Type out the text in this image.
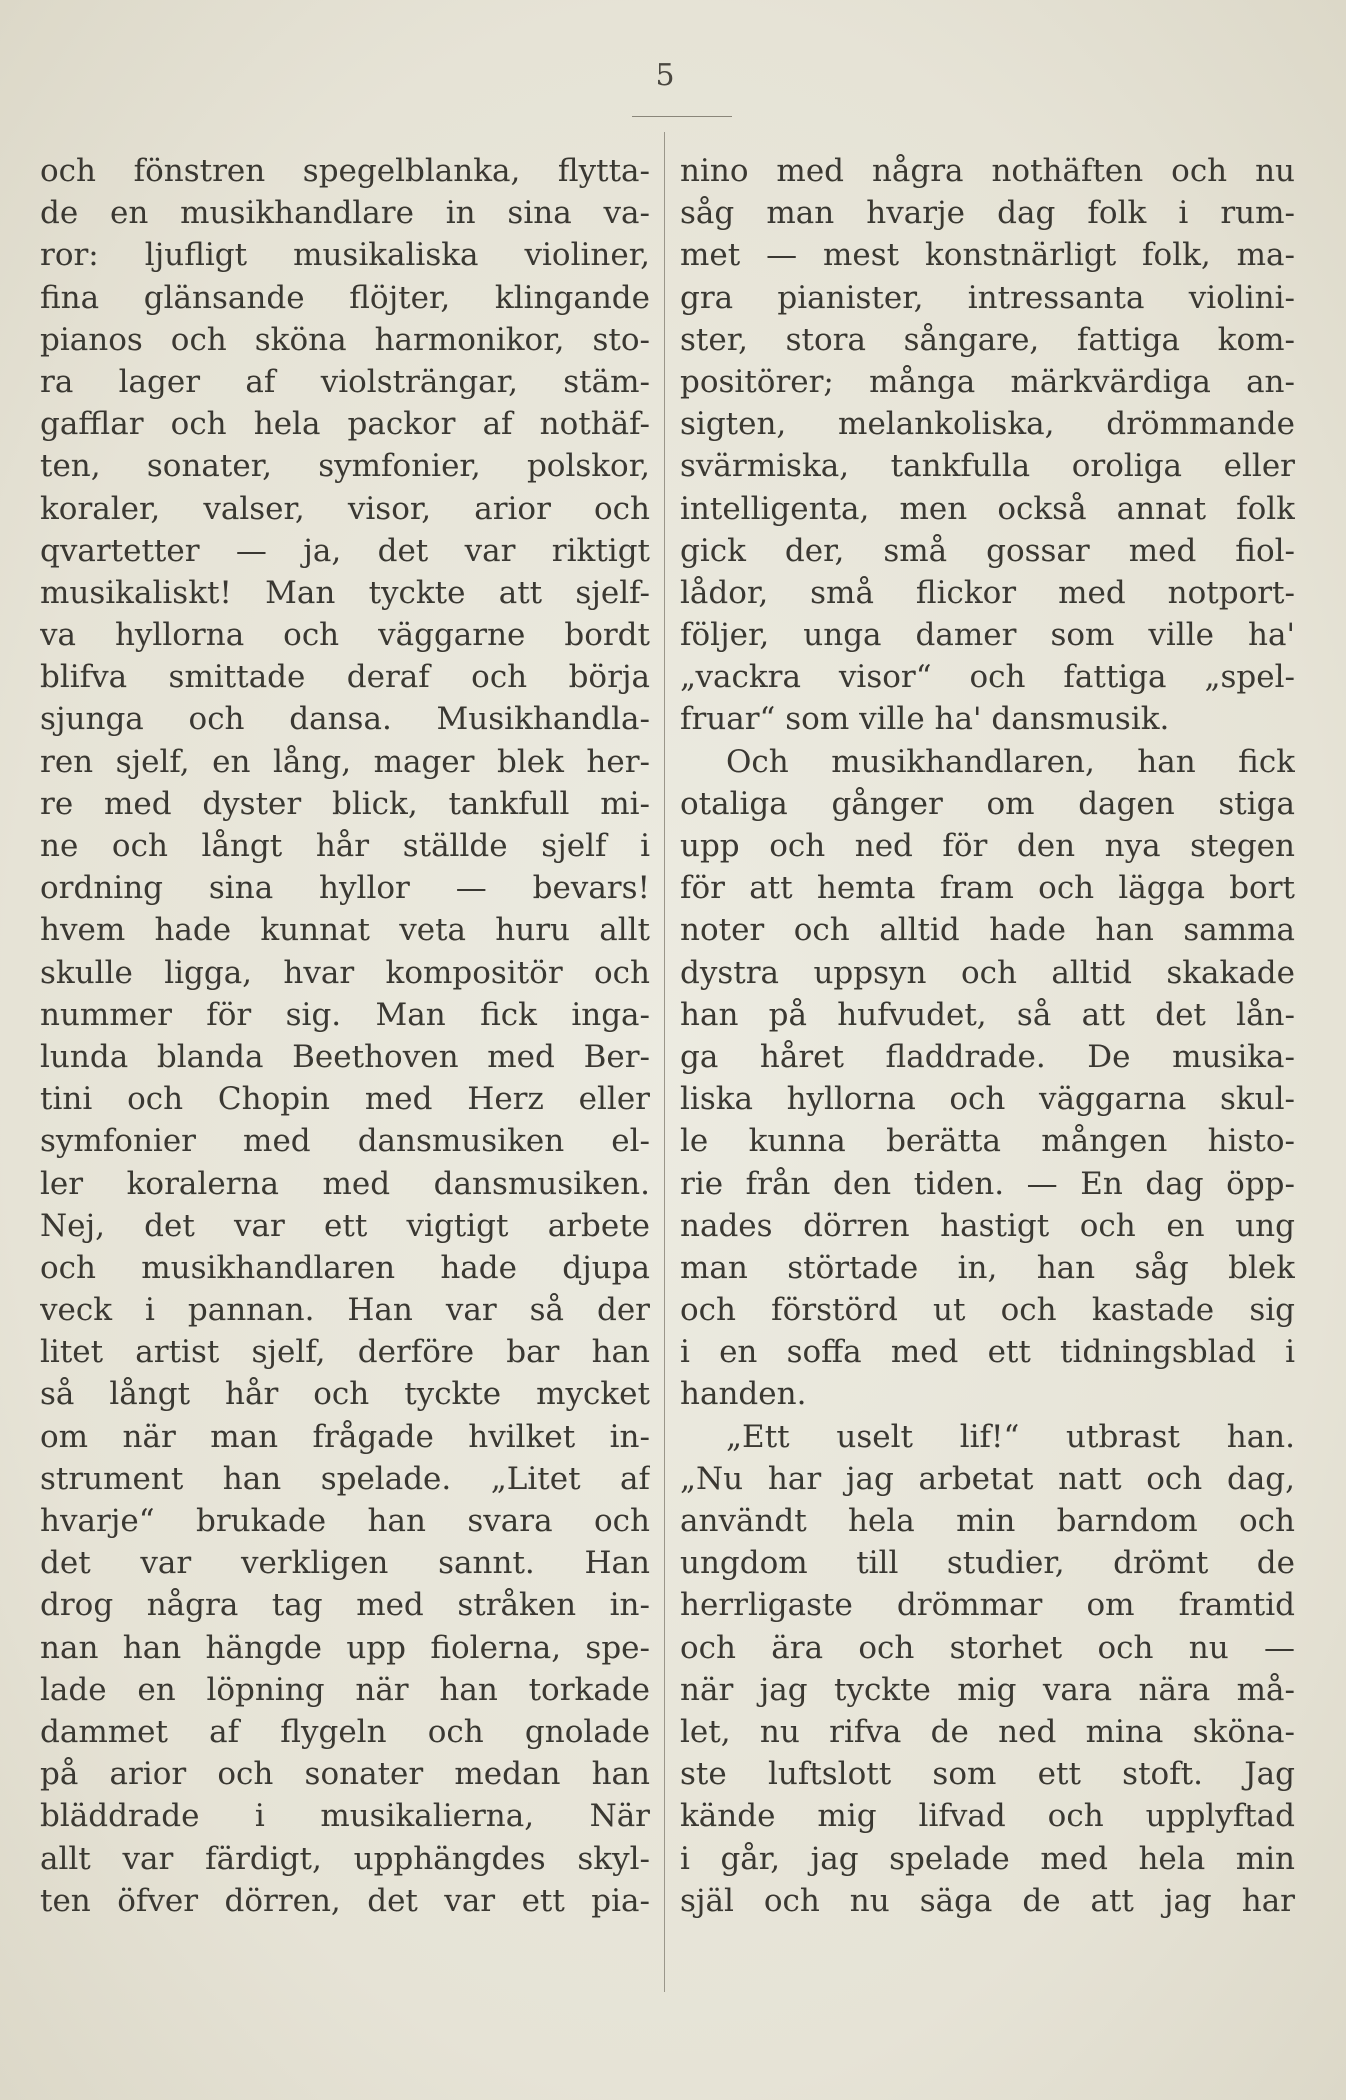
5
och fönstren spegelblanka, flytta-
de en musikhandlare in sina va-
ror: ljufligt musikaliska violiner,
fina glänsande flöjter, klingande
pianos och sköna harmonikor, sto-
ra lager af violsträngar, stäm-
gafflar och hela packor af nothäf-
ten, sonater, symfonier, polskor,
koraler, valser, visor, arior och
qvartetter — ja, det var riktigt
musikaliskt! Man tyckte att sjelf-
va hyllorna och väggarne bordt
blifva smittade deraf och börja
sjunga och dansa. Musikhandla-
ren sjelf, en lång, mager blek her-
re med dyster blick, tankfull mi-
ne och långt hår ställde sjelf i
ordning sina hyllor — bevars!
hvem hade kunnat veta huru allt
skulle ligga, hvar kompositör och
nummer för sig. Man fick inga-
lunda blanda Beethoven med Ber-
tini och Chopin med Herz eller
symfonier med dansmusiken el-
ler koralerna med dansmusiken.
Nej, det var ett vigtigt arbete
och musikhandlaren hade djupa
veck i pannan. Han var så der
litet artist sjelf, derföre bar han
så långt hår och tyckte mycket
om när man frågade hvilket in-
strument han spelade. „Litet af
hvarje“ brukade han svara och
det var verkligen sannt. Han
drog några tag med stråken in-
nan han hängde upp fiolerna, spe-
lade en löpning när han torkade
dammet af flygeln och gnolade
på arior och sonater medan han
bläddrade i musikalierna, När
allt var färdigt, upphängdes skyl-
ten öfver dörren, det var ett pia-
nino med några nothäften och nu
såg man hvarje dag folk i rum-
met — mest konstnärligt folk, ma-
gra pianister, intressanta violini-
ster, stora sångare, fattiga kom-
positörer; många märkvärdiga an-
sigten, melankoliska, drömmande
svärmiska, tankfulla oroliga eller
intelligenta, men också annat folk
gick der, små gossar med fiol-
lådor, små flickor med notport-
följer, unga damer som ville ha'
„vackra visor“ och fattiga „spel-
fruar“ som ville ha' dansmusik.
Och musikhandlaren, han fick
otaliga gånger om dagen stiga
upp och ned för den nya stegen
för att hemta fram och lägga bort
noter och alltid hade han samma
dystra uppsyn och alltid skakade
han på hufvudet, så att det lån-
ga håret fladdrade. De musika-
liska hyllorna och väggarna skul-
le kunna berätta mången histo-
rie från den tiden. — En dag öpp-
nades dörren hastigt och en ung
man störtade in, han såg blek
och förstörd ut och kastade sig
i en soffa med ett tidningsblad i
handen.
„Ett uselt lif!“ utbrast han.
„Nu har jag arbetat natt och dag,
användt hela min barndom och
ungdom till studier, drömt de
herrligaste drömmar om framtid
och ära och storhet och nu —
när jag tyckte mig vara nära må-
let, nu rifva de ned mina sköna-
ste luftslott som ett stoft. Jag
kände mig lifvad och upplyftad
i går, jag spelade med hela min
själ och nu säga de att jag har
